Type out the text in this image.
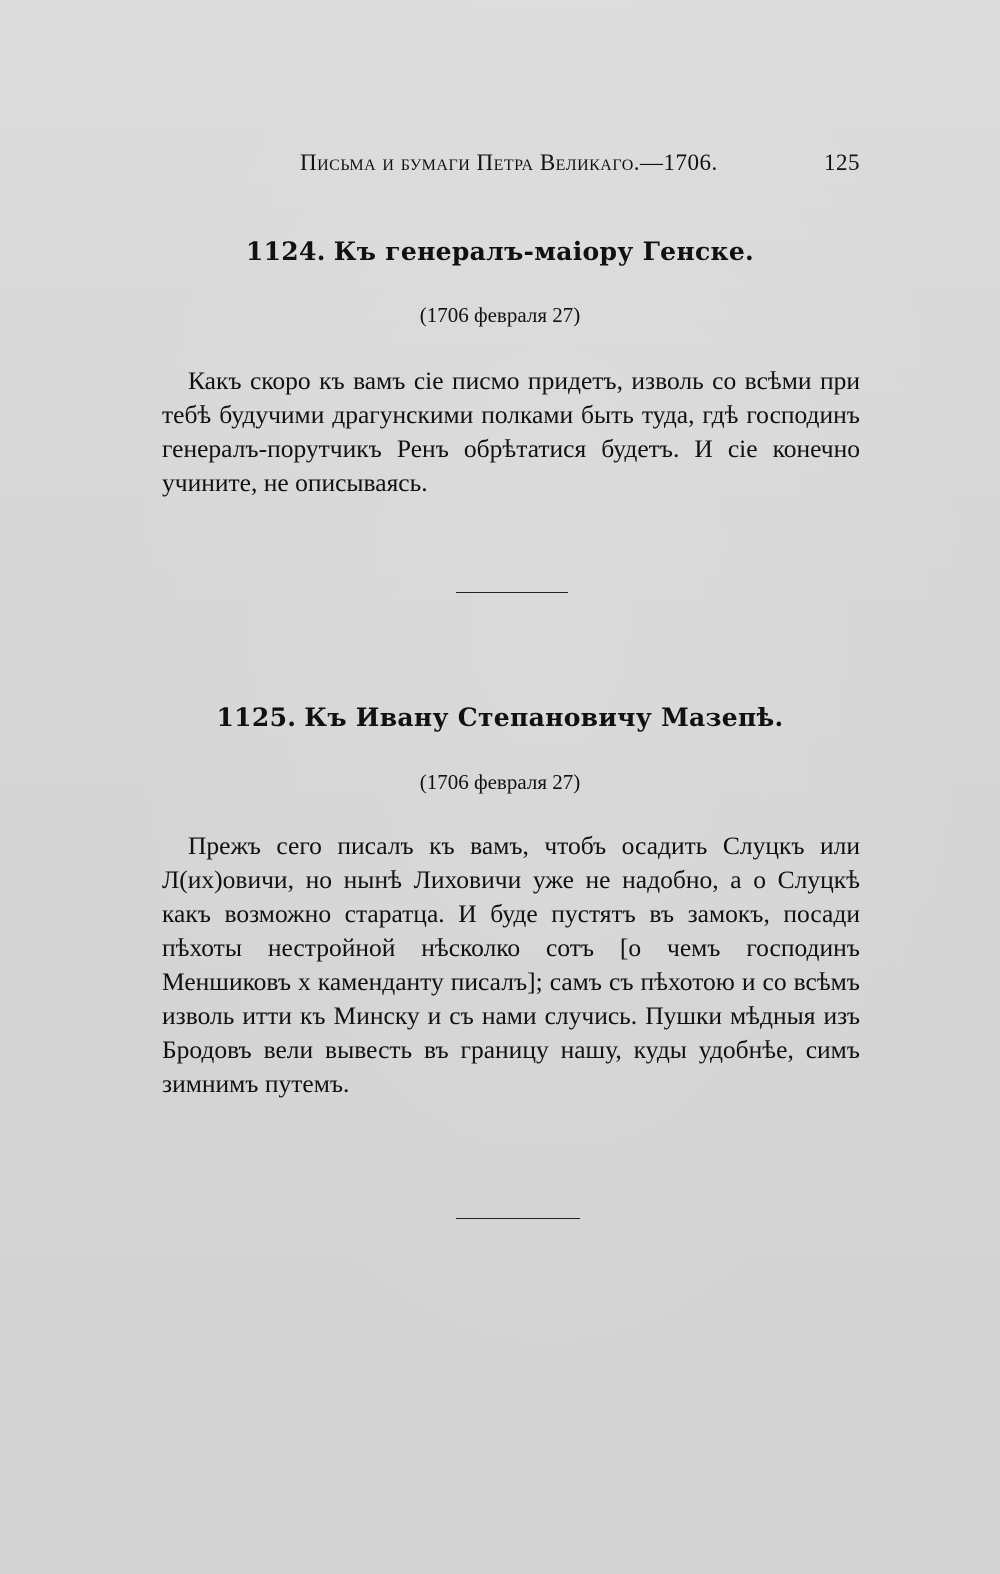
Письма и бумаги Петра Великаго.—1706.	125
1124. Къ генералъ-маіору Генске.
(1706 февраля 27)

Какъ скоро къ вамъ сіе писмо придетъ, изволь со всѣми при тебѣ будучими драгунскими полками быть туда, гдѣ господинъ генералъ-порутчикъ Ренъ обрѣтатися будетъ. И сіе конечно учините, не описываясь.

1125. Къ Ивану Степановичу Мазепѣ.
(1706 февраля 27)

Прежъ сего писалъ къ вамъ, чтобъ осадить Слуцкъ или Л(их)овичи, но нынѣ Лиховичи уже не надобно, а о Слуцкѣ какъ возможно старатца. И буде пустятъ въ замокъ, посади пѣхоты нестройной нѣсколко сотъ [о чемъ господинъ Меншиковъ х каменданту писалъ]; самъ съ пѣхотою и со всѣмъ изволь итти къ Минску и съ нами случись. Пушки мѣдныя изъ Бродовъ вели вывесть въ границу нашу, куды удобнѣе, симъ зимнимъ путемъ.
